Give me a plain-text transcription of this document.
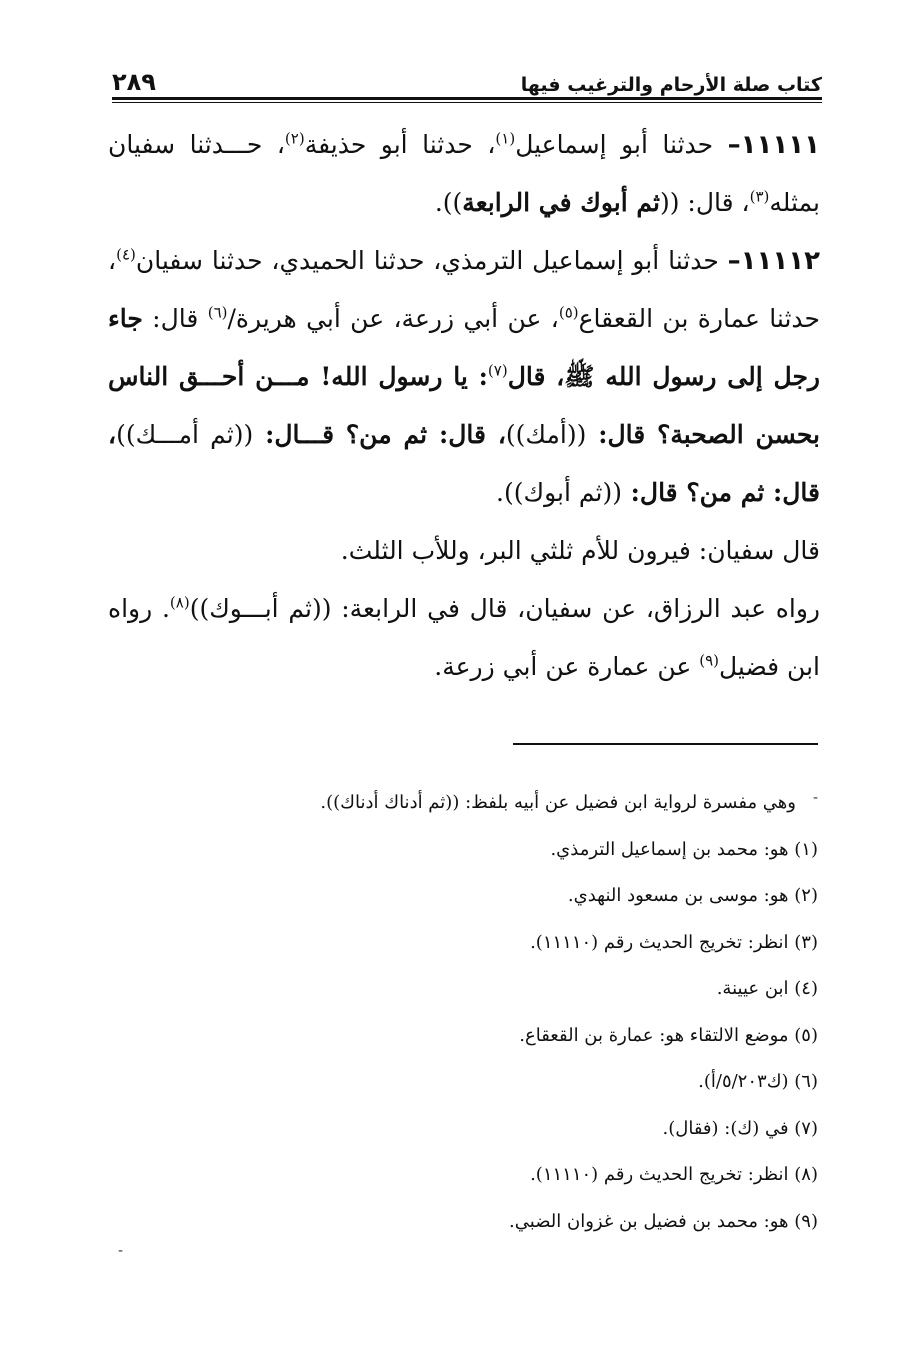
كتاب صلة الأرحام والترغيب فيها
٢٨٩

١١١١١– حدثنا أبو إسماعيل$^{(١)}$، حدثنا أبو حذيفة$^{(٢)}$، حـــدثنا سفيان بمثله$^{(٣)}$، قال: ((ثم أبوك في الرابعة)).

١١١١٢– حدثنا أبو إسماعيل الترمذي، حدثنا الحميدي، حدثنا سفيان$^{(٤)}$، حدثنا عمارة بن القعقاع$^{(٥)}$، عن أبي زرعة، عن أبي هريرة/$^{(٦)}$ قال: جاء رجل إلى رسول الله ﷺ، قال$^{(٧)}$: يا رسول الله! مـــن أحـــق الناس بحسن الصحبة؟ قال: ((أمك))، قال: ثم من؟ قـــال: ((ثم أمـــك))، قال: ثم من؟ قال: ((ثم أبوك)).

قال سفيان: فيرون للأم ثلثي البر، وللأب الثلث.

رواه عبد الرزاق، عن سفيان، قال في الرابعة: ((ثم أبـــوك))$^{(٨)}$. رواه ابن فضيل$^{(٩)}$ عن عمارة عن أبي زرعة.

-
-

وهي مفسرة لرواية ابن فضيل عن أبيه بلفظ: ((ثم أدناك أدناك)).

(١) هو: محمد بن إسماعيل الترمذي.

(٢) هو: موسى بن مسعود النهدي.

(٣) انظر: تخريج الحديث رقم (١١١١٠).

(٤) ابن عيينة.

(٥) موضع الالتقاء هو: عمارة بن القعقاع.

(٦) (ك٥/٢٠٣/أ).

(٧) في (ك): (فقال).

(٨) انظر: تخريج الحديث رقم (١١١١٠).

(٩) هو: محمد بن فضيل بن غزوان الضبي.
